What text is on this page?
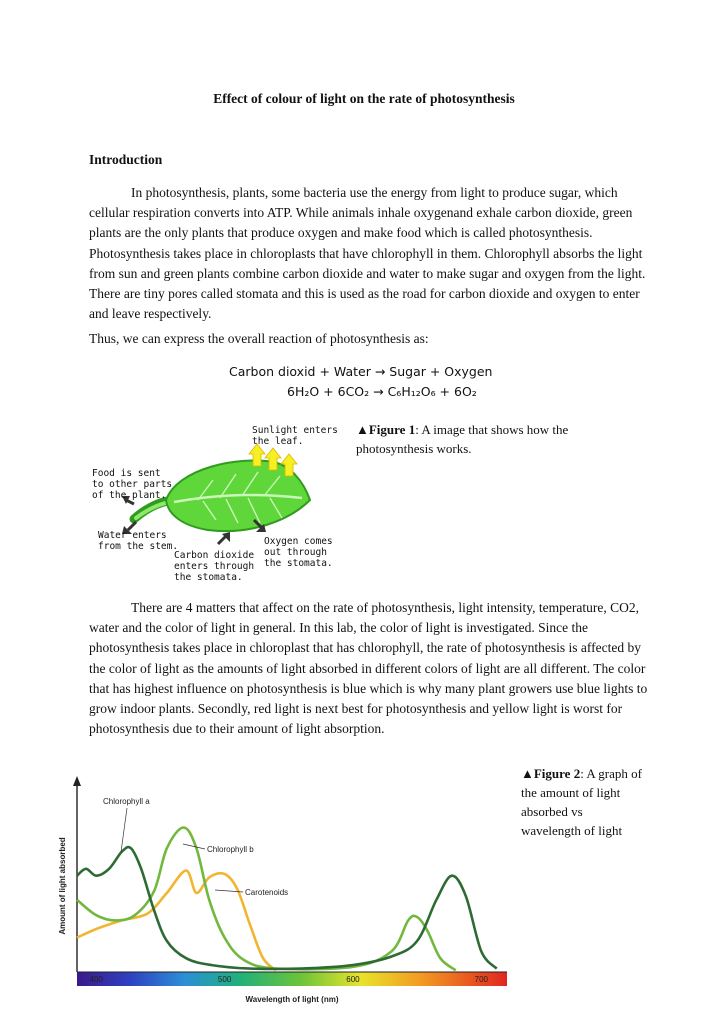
Effect of colour of light on the rate of photosynthesis
Introduction

In photosynthesis, plants, some bacteria use the energy from light to produce sugar, which cellular respiration converts into ATP. While animals inhale oxygenand exhale carbon dioxide, green plants are the only plants that produce oxygen and make food which is called photosynthesis. Photosynthesis takes place in chloroplasts that have chlorophyll in them. Chlorophyll absorbs the light from sun and green plants combine carbon dioxide and water to make sugar and oxygen from the light. There are tiny pores called stomata and this is used as the road for carbon dioxide and oxygen to enter and leave respectively.

Thus, we can express the overall reaction of photosynthesis as:

Carbon dioxid + Water → Sugar + Oxygen
6H₂O + 6CO₂ → C₆H₁₂O₆ + 6O₂
Sunlight enters
the leaf.
Food is sent
to other parts
of the plant.
Water enters
from the stem.
Carbon dioxide
enters through
the stomata.
Oxygen comes
out through
the stomata.
▲Figure 1: A image that shows how the photosynthesis works.

There are 4 matters that affect on the rate of photosynthesis, light intensity, temperature, CO2, water and the color of light in general. In this lab, the color of light is investigated. Since the photosynthesis takes place in chloroplast that has chlorophyll, the rate of photosynthesis is affected by the color of light as the amounts of light absorbed in different colors of light are all different. The color that has highest influence on photosynthesis is blue which is why many plant growers use blue lights to grow indoor plants. Secondly, red light is next best for photosynthesis and yellow light is worst for photosynthesis due to their amount of light absorption.

▲Figure 2: A graph of the amount of light absorbed vs wavelength of light
400	500	600	700
Wavelength of light (nm)
Amount of light absorbed
Chlorophyll a
Chlorophyll b
Carotenoids
